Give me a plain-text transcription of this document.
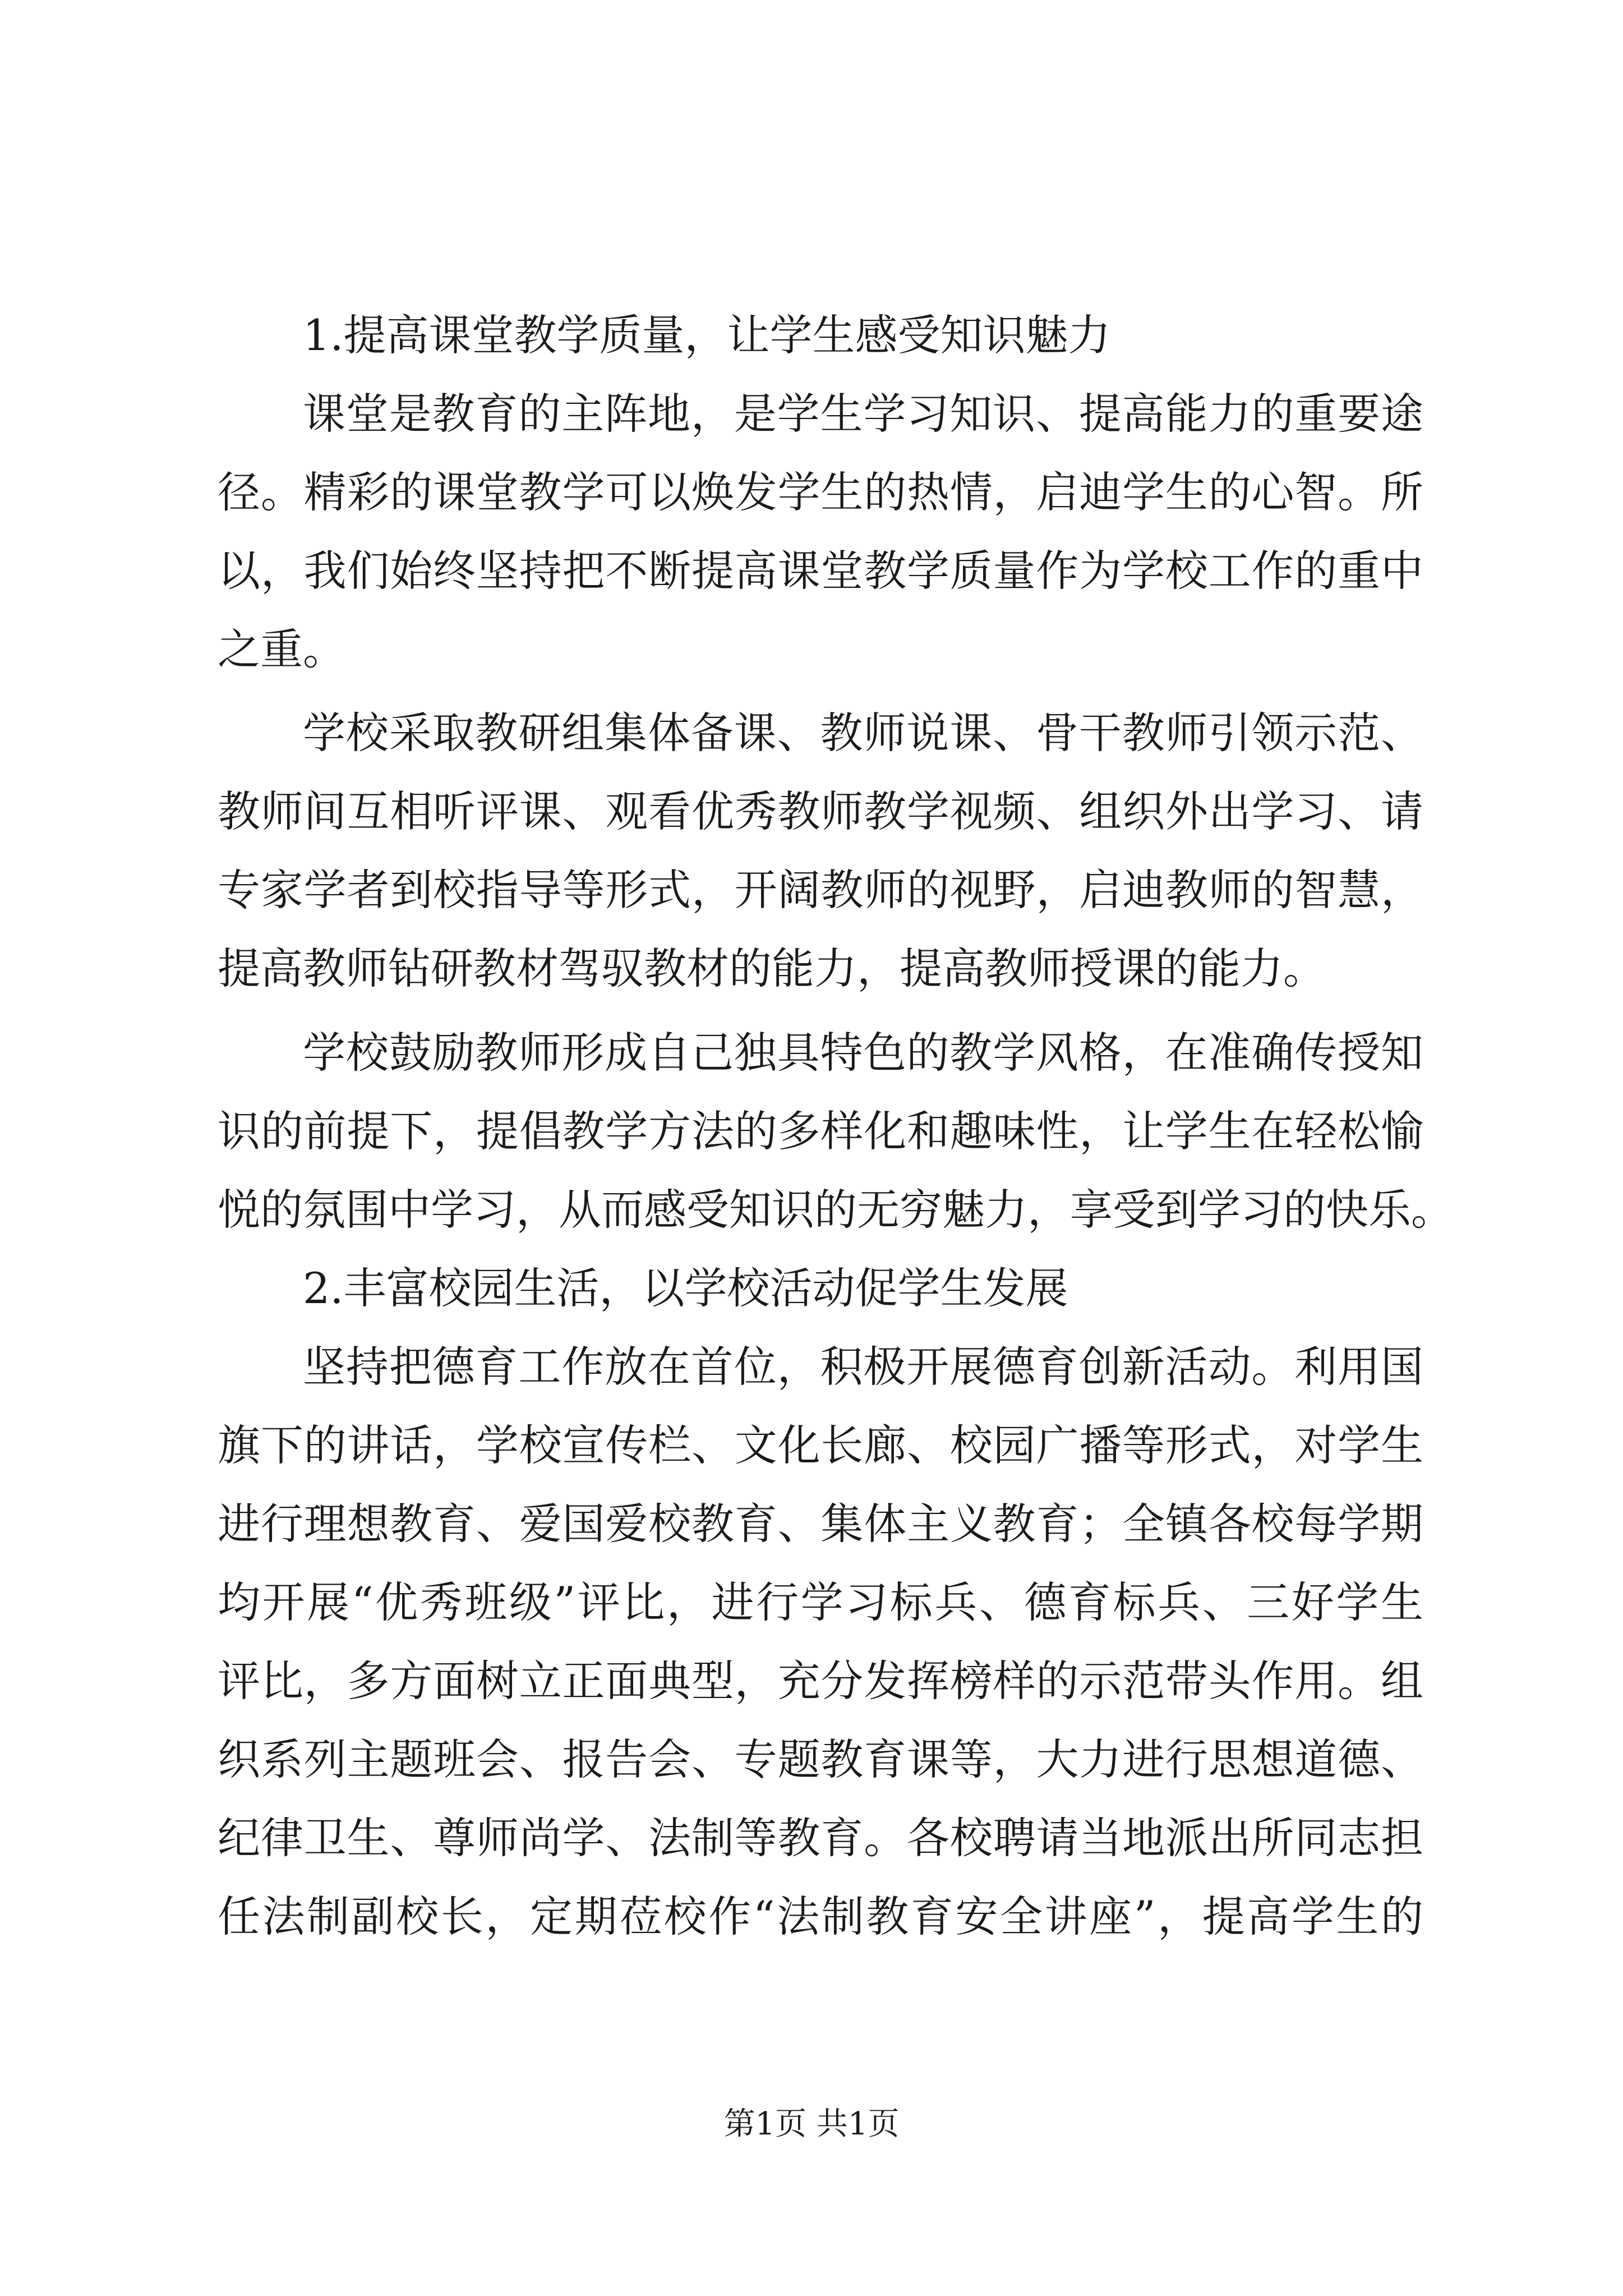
1.提高课堂教学质量，让学生感受知识魅力
课堂是教育的主阵地，是学生学习知识、提高能力的重要途
径。精彩的课堂教学可以焕发学生的热情，启迪学生的心智。所
以，我们始终坚持把不断提高课堂教学质量作为学校工作的重中
之重。
学校采取教研组集体备课、教师说课、骨干教师引领示范、
教师间互相听评课、观看优秀教师教学视频、组织外出学习、请
专家学者到校指导等形式，开阔教师的视野，启迪教师的智慧，
提高教师钻研教材驾驭教材的能力，提高教师授课的能力。
学校鼓励教师形成自己独具特色的教学风格，在准确传授知
识的前提下，提倡教学方法的多样化和趣味性，让学生在轻松愉
悦的氛围中学习，从而感受知识的无穷魅力，享受到学习的快乐。
2.丰富校园生活，以学校活动促学生发展
坚持把德育工作放在首位，积极开展德育创新活动。利用国
旗下的讲话，学校宣传栏、文化长廊、校园广播等形式，对学生
进行理想教育、爱国爱校教育、集体主义教育；全镇各校每学期
均开展“优秀班级”评比，进行学习标兵、德育标兵、三好学生
评比，多方面树立正面典型，充分发挥榜样的示范带头作用。组
织系列主题班会、报告会、专题教育课等，大力进行思想道德、
纪律卫生、尊师尚学、法制等教育。各校聘请当地派出所同志担
任法制副校长，定期莅校作“法制教育安全讲座”，提高学生的
第1页 共1页
